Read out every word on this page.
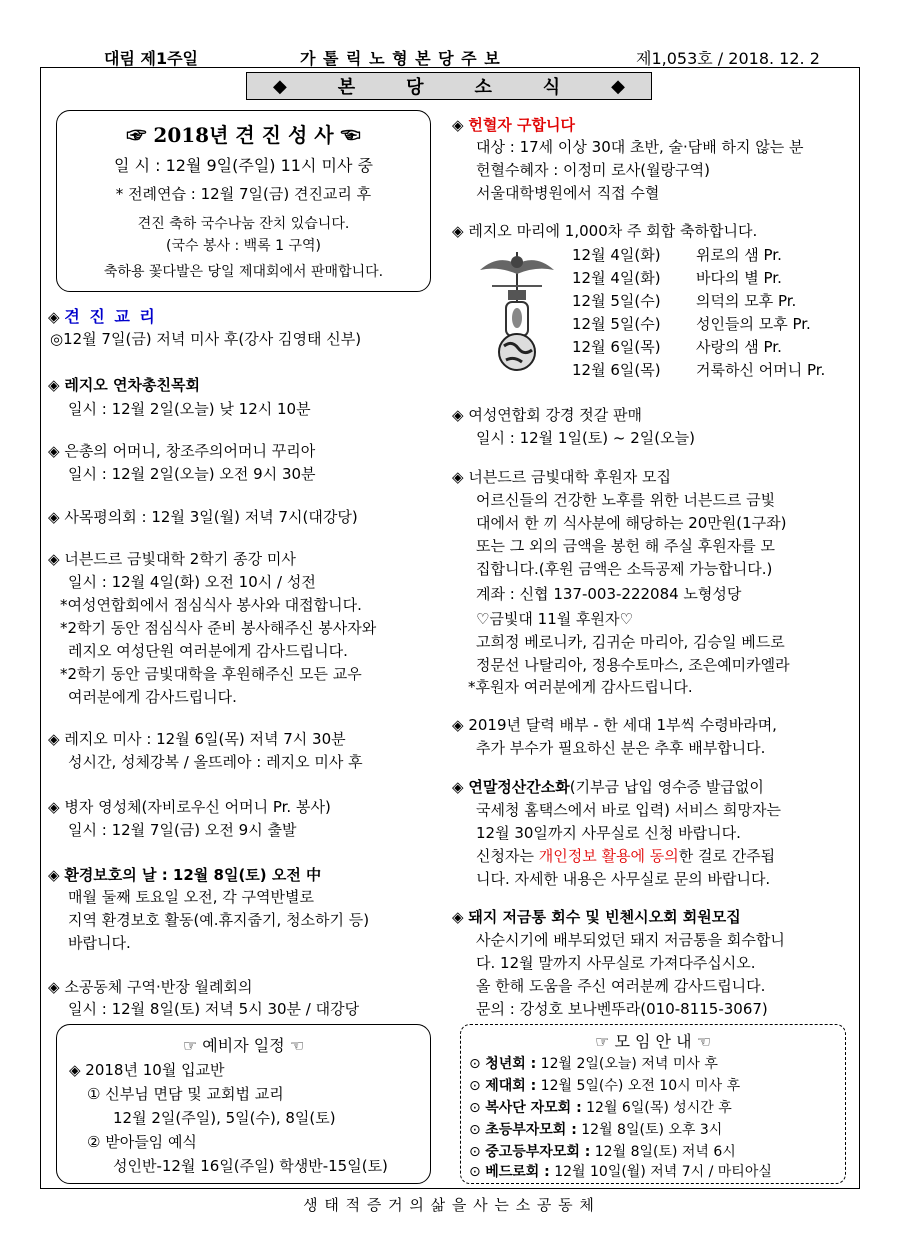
대림 제1주일	가 톨 릭 노 형 본 당 주 보	제1,053호 / 2018. 12. 2
◆	본	당	소	식	◆
☞ 2018년 견 진 성 사 ☜
일 시 : 12월 9일(주일) 11시 미사 중
* 전례연습 : 12월 7일(금) 견진교리 후
견진 축하 국수나눔 잔치 있습니다.
(국수 봉사 : 백록 1 구역)
축하용 꽃다발은 당일 제대회에서 판매합니다.
◈ 견 진 교 리
◎12월 7일(금) 저녁 미사 후(강사 김영태 신부)
◈ 레지오 연차총친목회
일시 : 12월 2일(오늘) 낮 12시 10분
◈ 은총의 어머니, 창조주의어머니 꾸리아
일시 : 12월 2일(오늘) 오전 9시 30분
◈ 사목평의회 : 12월 3일(월) 저녁 7시(대강당)
◈ 너븐드르 금빛대학 2학기 종강 미사
일시 : 12월 4일(화) 오전 10시 / 성전
*여성연합회에서 점심식사 봉사와 대접합니다.
*2학기 동안 점심식사 준비 봉사해주신 봉사자와
레지오 여성단원 여러분에게 감사드립니다.
*2학기 동안 금빛대학을 후원해주신 모든 교우
여러분에게 감사드립니다.
◈ 레지오 미사 : 12월 6일(목) 저녁 7시 30분
성시간, 성체강복 / 올뜨레아 : 레지오 미사 후
◈ 병자 영성체(자비로우신 어머니 Pr. 봉사)
일시 : 12월 7일(금) 오전 9시 출발
◈ 환경보호의 날 : 12월 8일(토) 오전 中
매월 둘째 토요일 오전, 각 구역반별로
지역 환경보호 활동(예.휴지줍기, 청소하기 등)
바랍니다.
◈ 소공동체 구역·반장 월례회의
일시 : 12월 8일(토) 저녁 5시 30분 / 대강당
☞ 예비자 일정 ☜
◈ 2018년 10월 입교반
① 신부님 면담 및 교회법 교리
12월 2일(주일), 5일(수), 8일(토)
② 받아들임 예식
성인반-12월 16일(주일) 학생반-15일(토)
◈ 헌혈자 구합니다
대상 : 17세 이상 30대 초반, 술·담배 하지 않는 분
헌혈수혜자 : 이정미 로사(월랑구역)
서울대학병원에서 직접 수혈
◈ 레지오 마리에 1,000차 주 회합 축하합니다.
12월 4일(화) 위로의 샘 Pr.
12월 4일(화) 바다의 별 Pr.
12월 5일(수) 의덕의 모후 Pr.
12월 5일(수) 성인들의 모후 Pr.
12월 6일(목) 사랑의 샘 Pr.
12월 6일(목) 거룩하신 어머니 Pr.
◈ 여성연합회 강경 젓갈 판매
일시 : 12월 1일(토) ~ 2일(오늘)
◈ 너븐드르 금빛대학 후원자 모집
어르신들의 건강한 노후를 위한 너븐드르 금빛
대에서 한 끼 식사분에 해당하는 20만원(1구좌)
또는 그 외의 금액을 봉헌 해 주실 후원자를 모
집합니다.(후원 금액은 소득공제 가능합니다.)
계좌 : 신협 137-003-222084 노형성당
♡금빛대 11월 후원자♡
고희정 베로니카, 김귀순 마리아, 김승일 베드로
정문선 나탈리아, 정용수토마스, 조은예미카엘라
*후원자 여러분에게 감사드립니다.
◈ 2019년 달력 배부 - 한 세대 1부씩 수령바라며,
추가 부수가 필요하신 분은 추후 배부합니다.
◈ 연말정산간소화(기부금 납입 영수증 발급없이
국세청 홈택스에서 바로 입력) 서비스 희망자는
12월 30일까지 사무실로 신청 바랍니다.
신청자는 개인정보 활용에 동의한 걸로 간주됩
니다. 자세한 내용은 사무실로 문의 바랍니다.
◈ 돼지 저금통 회수 및 빈첸시오회 회원모집
사순시기에 배부되었던 돼지 저금통을 회수합니
다. 12월 말까지 사무실로 가져다주십시오.
올 한해 도움을 주신 여러분께 감사드립니다.
문의 : 강성호 보나벤뚜라(010-8115-3067)
☞ 모 임 안 내 ☜
⊙ 청년회 : 12월 2일(오늘) 저녁 미사 후
⊙ 제대회 : 12월 5일(수) 오전 10시 미사 후
⊙ 복사단 자모회 : 12월 6일(목) 성시간 후
⊙ 초등부자모회 : 12월 8일(토) 오후 3시
⊙ 중고등부자모회 : 12월 8일(토) 저녁 6시
⊙ 베드로회 : 12월 10일(월) 저녁 7시 / 마티아실
생 태 적 증 거 의 삶 을 사 는 소 공 동 체
